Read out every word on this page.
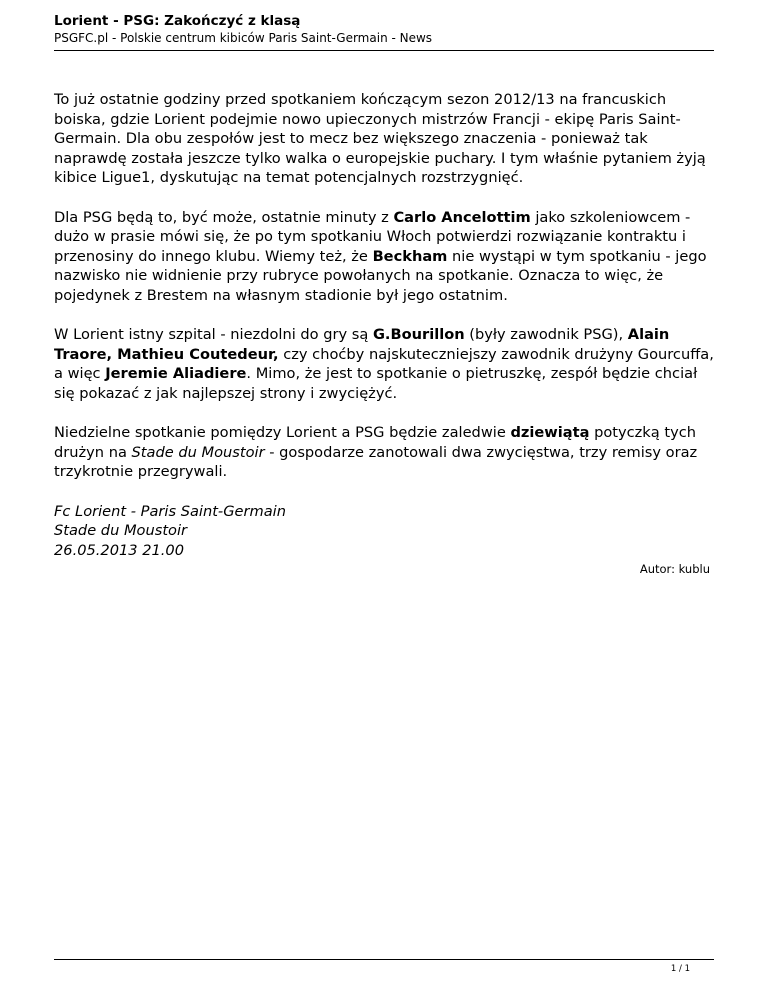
Lorient - PSG: Zakończyć z klasą
PSGFC.pl - Polskie centrum kibiców Paris Saint-Germain - News

To już ostatnie godziny przed spotkaniem kończącym sezon 2012/13 na francuskich boiska, gdzie Lorient podejmie nowo upieczonych mistrzów Francji - ekipę Paris Saint-Germain. Dla obu zespołów jest to mecz bez większego znaczenia - ponieważ tak naprawdę została jeszcze tylko walka o europejskie puchary. I tym właśnie pytaniem żyją kibice Ligue1, dyskutując na temat potencjalnych rozstrzygnięć.

Dla PSG będą to, być może, ostatnie minuty z Carlo Ancelottim jako szkoleniowcem - dużo w prasie mówi się, że po tym spotkaniu Włoch potwierdzi rozwiązanie kontraktu i przenosiny do innego klubu. Wiemy też, że Beckham nie wystąpi w tym spotkaniu - jego nazwisko nie widnienie przy rubryce powołanych na spotkanie. Oznacza to więc, że pojedynek z Brestem na własnym stadionie był jego ostatnim.

W Lorient istny szpital - niezdolni do gry są G.Bourillon (były zawodnik PSG), Alain Traore, Mathieu Coutedeur, czy choćby najskuteczniejszy zawodnik drużyny Gourcuffa, a więc Jeremie Aliadiere. Mimo, że jest to spotkanie o pietruszkę, zespół będzie chciał się pokazać z jak najlepszej strony i zwyciężyć.

Niedzielne spotkanie pomiędzy Lorient a PSG będzie zaledwie dziewiątą potyczką tych drużyn na Stade du Moustoir - gospodarze zanotowali dwa zwycięstwa, trzy remisy oraz trzykrotnie przegrywali.

Fc Lorient - Paris Saint-Germain
Stade du Moustoir
26.05.2013 21.00

Autor: kublu
1 / 1
